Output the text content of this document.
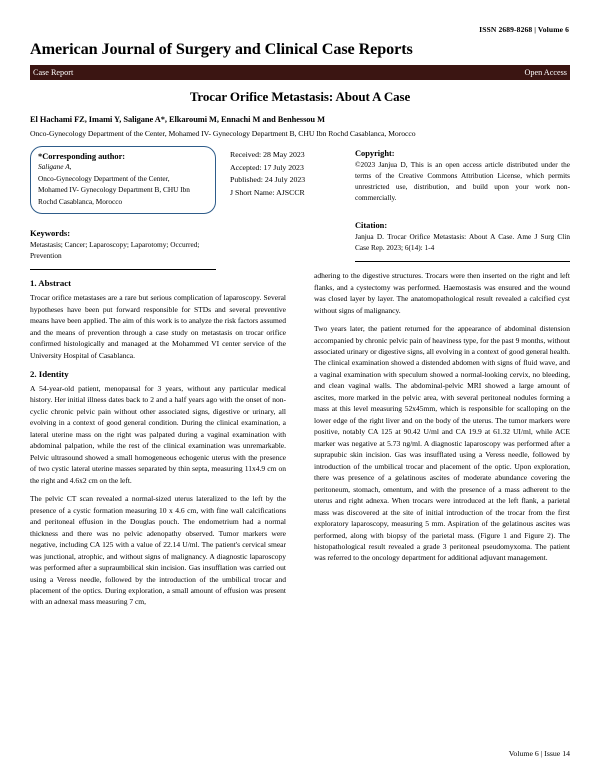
ISSN 2689-8268 | Volume 6
American Journal of Surgery and Clinical Case Reports
Case Report	Open Access
Trocar Orifice Metastasis: About A Case
El Hachami FZ, Imami Y, Saligane A*, Elkaroumi M, Ennachi M and Benhessou M
Onco-Gynecology Department of the Center, Mohamed IV- Gynecology Department B, CHU Ibn Rochd Casablanca, Morocco
*Corresponding author:
Saligane A,
Onco-Gynecology Department of the Center,
Mohamed IV- Gynecology Department B, CHU Ibn
Rochd Casablanca, Morocco
Keywords:
Metastasis; Cancer; Laparoscopy; Laparotomy; Occurred; Prevention
Received: 28 May 2023
Accepted: 17 July 2023
Published: 24 July 2023
J Short Name: AJSCCR
Copyright:
©2023 Janjua D, This is an open access article distributed under the terms of the Creative Commons Attribution License, which permits unrestricted use, distribution, and build upon your work non-commercially.
Citation:
Janjua D. Trocar Orifice Metastasis: About A Case. Ame J Surg Clin Case Rep. 2023; 6(14): 1-4
1. Abstract

Trocar orifice metastases are a rare but serious complication of laparoscopy. Several hypotheses have been put forward responsible for STDs and several preventive means have been applied. The aim of this work is to analyze the risk factors assumed and the means of prevention through a case study on metastasis on trocar orifice confirmed histologically and managed at the Mohammed VI center service of the University Hospital of Casablanca.

2. Identity

A 54-year-old patient, menopausal for 3 years, without any particular medical history. Her initial illness dates back to 2 and a half years ago with the onset of non-cyclic chronic pelvic pain without other associated signs, digestive or urinary, all evolving in a context of good general condition. During the clinical examination, a lateral uterine mass on the right was palpated during a vaginal examination with abdominal palpation, while the rest of the clinical examination was unremarkable. Pelvic ultrasound showed a small homogeneous echogenic uterus with the presence of two cystic lateral uterine masses separated by thin septa, measuring 11x4.9 cm on the right and 4.6x2 cm on the left.

The pelvic CT scan revealed a normal-sized uterus lateralized to the left by the presence of a cystic formation measuring 10 x 4.6 cm, with fine wall calcifications and peritoneal effusion in the Douglas pouch. The endometrium had a normal thickness and there was no pelvic adenopathy observed. Tumor markers were negative, including CA 125 with a value of 22.14 U/ml. The patient's cervical smear was junctional, atrophic, and without signs of malignancy. A diagnostic laparoscopy was performed after a supraumbilical skin incision. Gas insufflation was carried out using a Veress needle, followed by the introduction of the umbilical trocar and placement of the optics. During exploration, a small amount of effusion was present with an adnexal mass measuring 7 cm,

adhering to the digestive structures. Trocars were then inserted on the right and left flanks, and a cystectomy was performed. Haemostasis was ensured and the wound was closed layer by layer. The anatomopathological result revealed a calcified cyst without signs of malignancy.

Two years later, the patient returned for the appearance of abdominal distension accompanied by chronic pelvic pain of heaviness type, for the past 9 months, without associated urinary or digestive signs, all evolving in a context of good general health. The clinical examination showed a distended abdomen with signs of fluid wave, and a vaginal examination with speculum showed a normal-looking cervix, no bleeding, and clean vaginal walls. The abdominal-pelvic MRI showed a large amount of ascites, more marked in the pelvic area, with several peritoneal nodules forming a mass at this level measuring 52x45mm, which is responsible for scalloping on the lower edge of the right liver and on the body of the uterus. The tumor markers were positive, notably CA 125 at 90.42 U/ml and CA 19.9 at 61.32 UI/ml, while ACE marker was negative at 5.73 ng/ml. A diagnostic laparoscopy was performed after a suprapubic skin incision. Gas was insufflated using a Veress needle, followed by introduction of the umbilical trocar and placement of the optic. Upon exploration, there was presence of a gelatinous ascites of moderate abundance covering the peritoneum, stomach, omentum, and with the presence of a mass adherent to the uterus and right adnexa. When trocars were introduced at the left flank, a parietal mass was discovered at the site of initial introduction of the trocar from the first exploratory laparoscopy, measuring 5 mm. Aspiration of the gelatinous ascites was performed, along with biopsy of the parietal mass. (Figure 1 and Figure 2). The histopathological result revealed a grade 3 peritoneal pseudomyxoma. The patient was referred to the oncology department for additional adjuvant management.

Volume 6 | Issue 14
